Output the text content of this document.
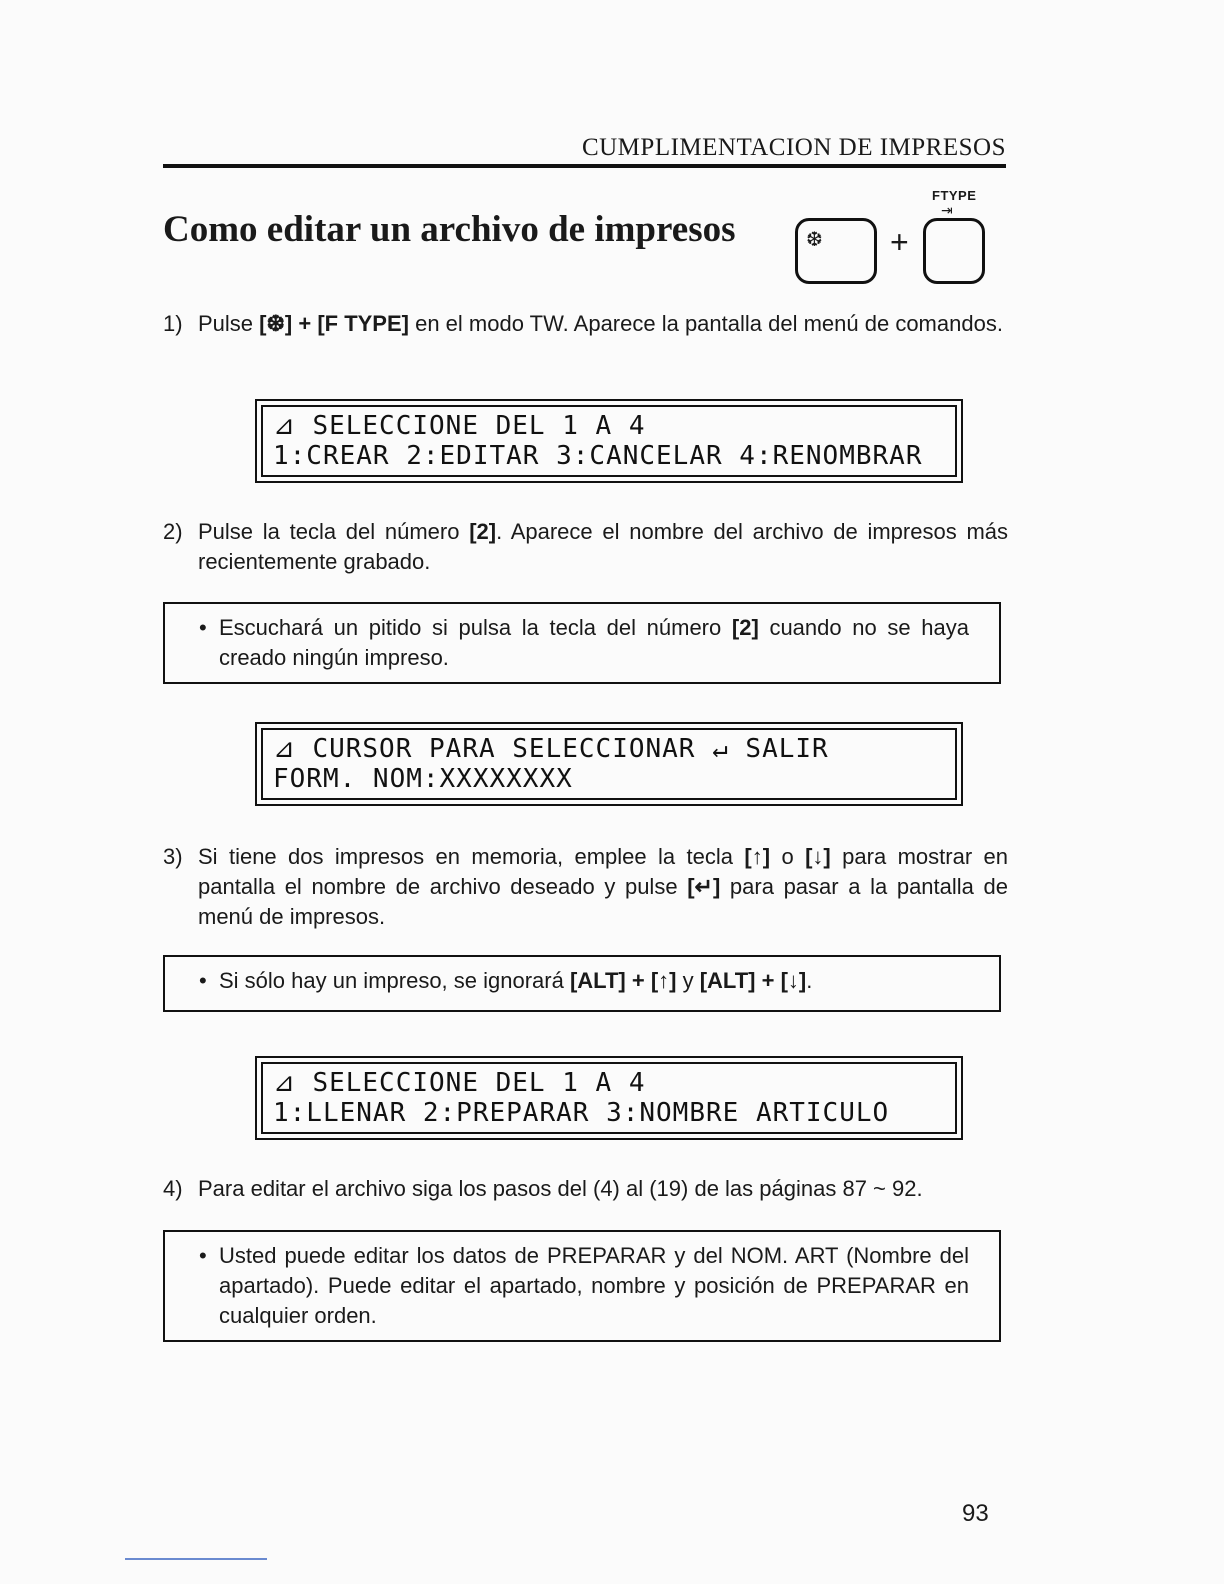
CUMPLIMENTACION DE IMPRESOS
Como editar un archivo de impresos	❆ +
FTYPE
⇥
1) Pulse [❆] + [F TYPE] en el modo TW. Aparece la pantalla del menú de comandos.
⊿ SELECCIONE DEL 1 A 4
1:CREAR 2:EDITAR 3:CANCELAR 4:RENOMBRAR
2) Pulse la tecla del número [2]. Aparece el nombre del archivo de impresos más recientemente grabado.
• Escuchará un pitido si pulsa la tecla del número [2] cuando no se haya creado ningún impreso.
⊿ CURSOR PARA SELECCIONAR ↵ SALIR
FORM. NOM:XXXXXXXX
3) Si tiene dos impresos en memoria, emplee la tecla [↑] o [↓] para mostrar en pantalla el nombre de archivo deseado y pulse [↵] para pasar a la pantalla de menú de impresos.
• Si sólo hay un impreso, se ignorará [ALT] + [↑] y [ALT] + [↓].
⊿ SELECCIONE DEL 1 A 4
1:LLENAR 2:PREPARAR 3:NOMBRE ARTICULO
4) Para editar el archivo siga los pasos del (4) al (19) de las páginas 87 ~ 92.
• Usted puede editar los datos de PREPARAR y del NOM. ART (Nombre del apartado). Puede editar el apartado, nombre y posición de PREPARAR en cualquier orden.
93
